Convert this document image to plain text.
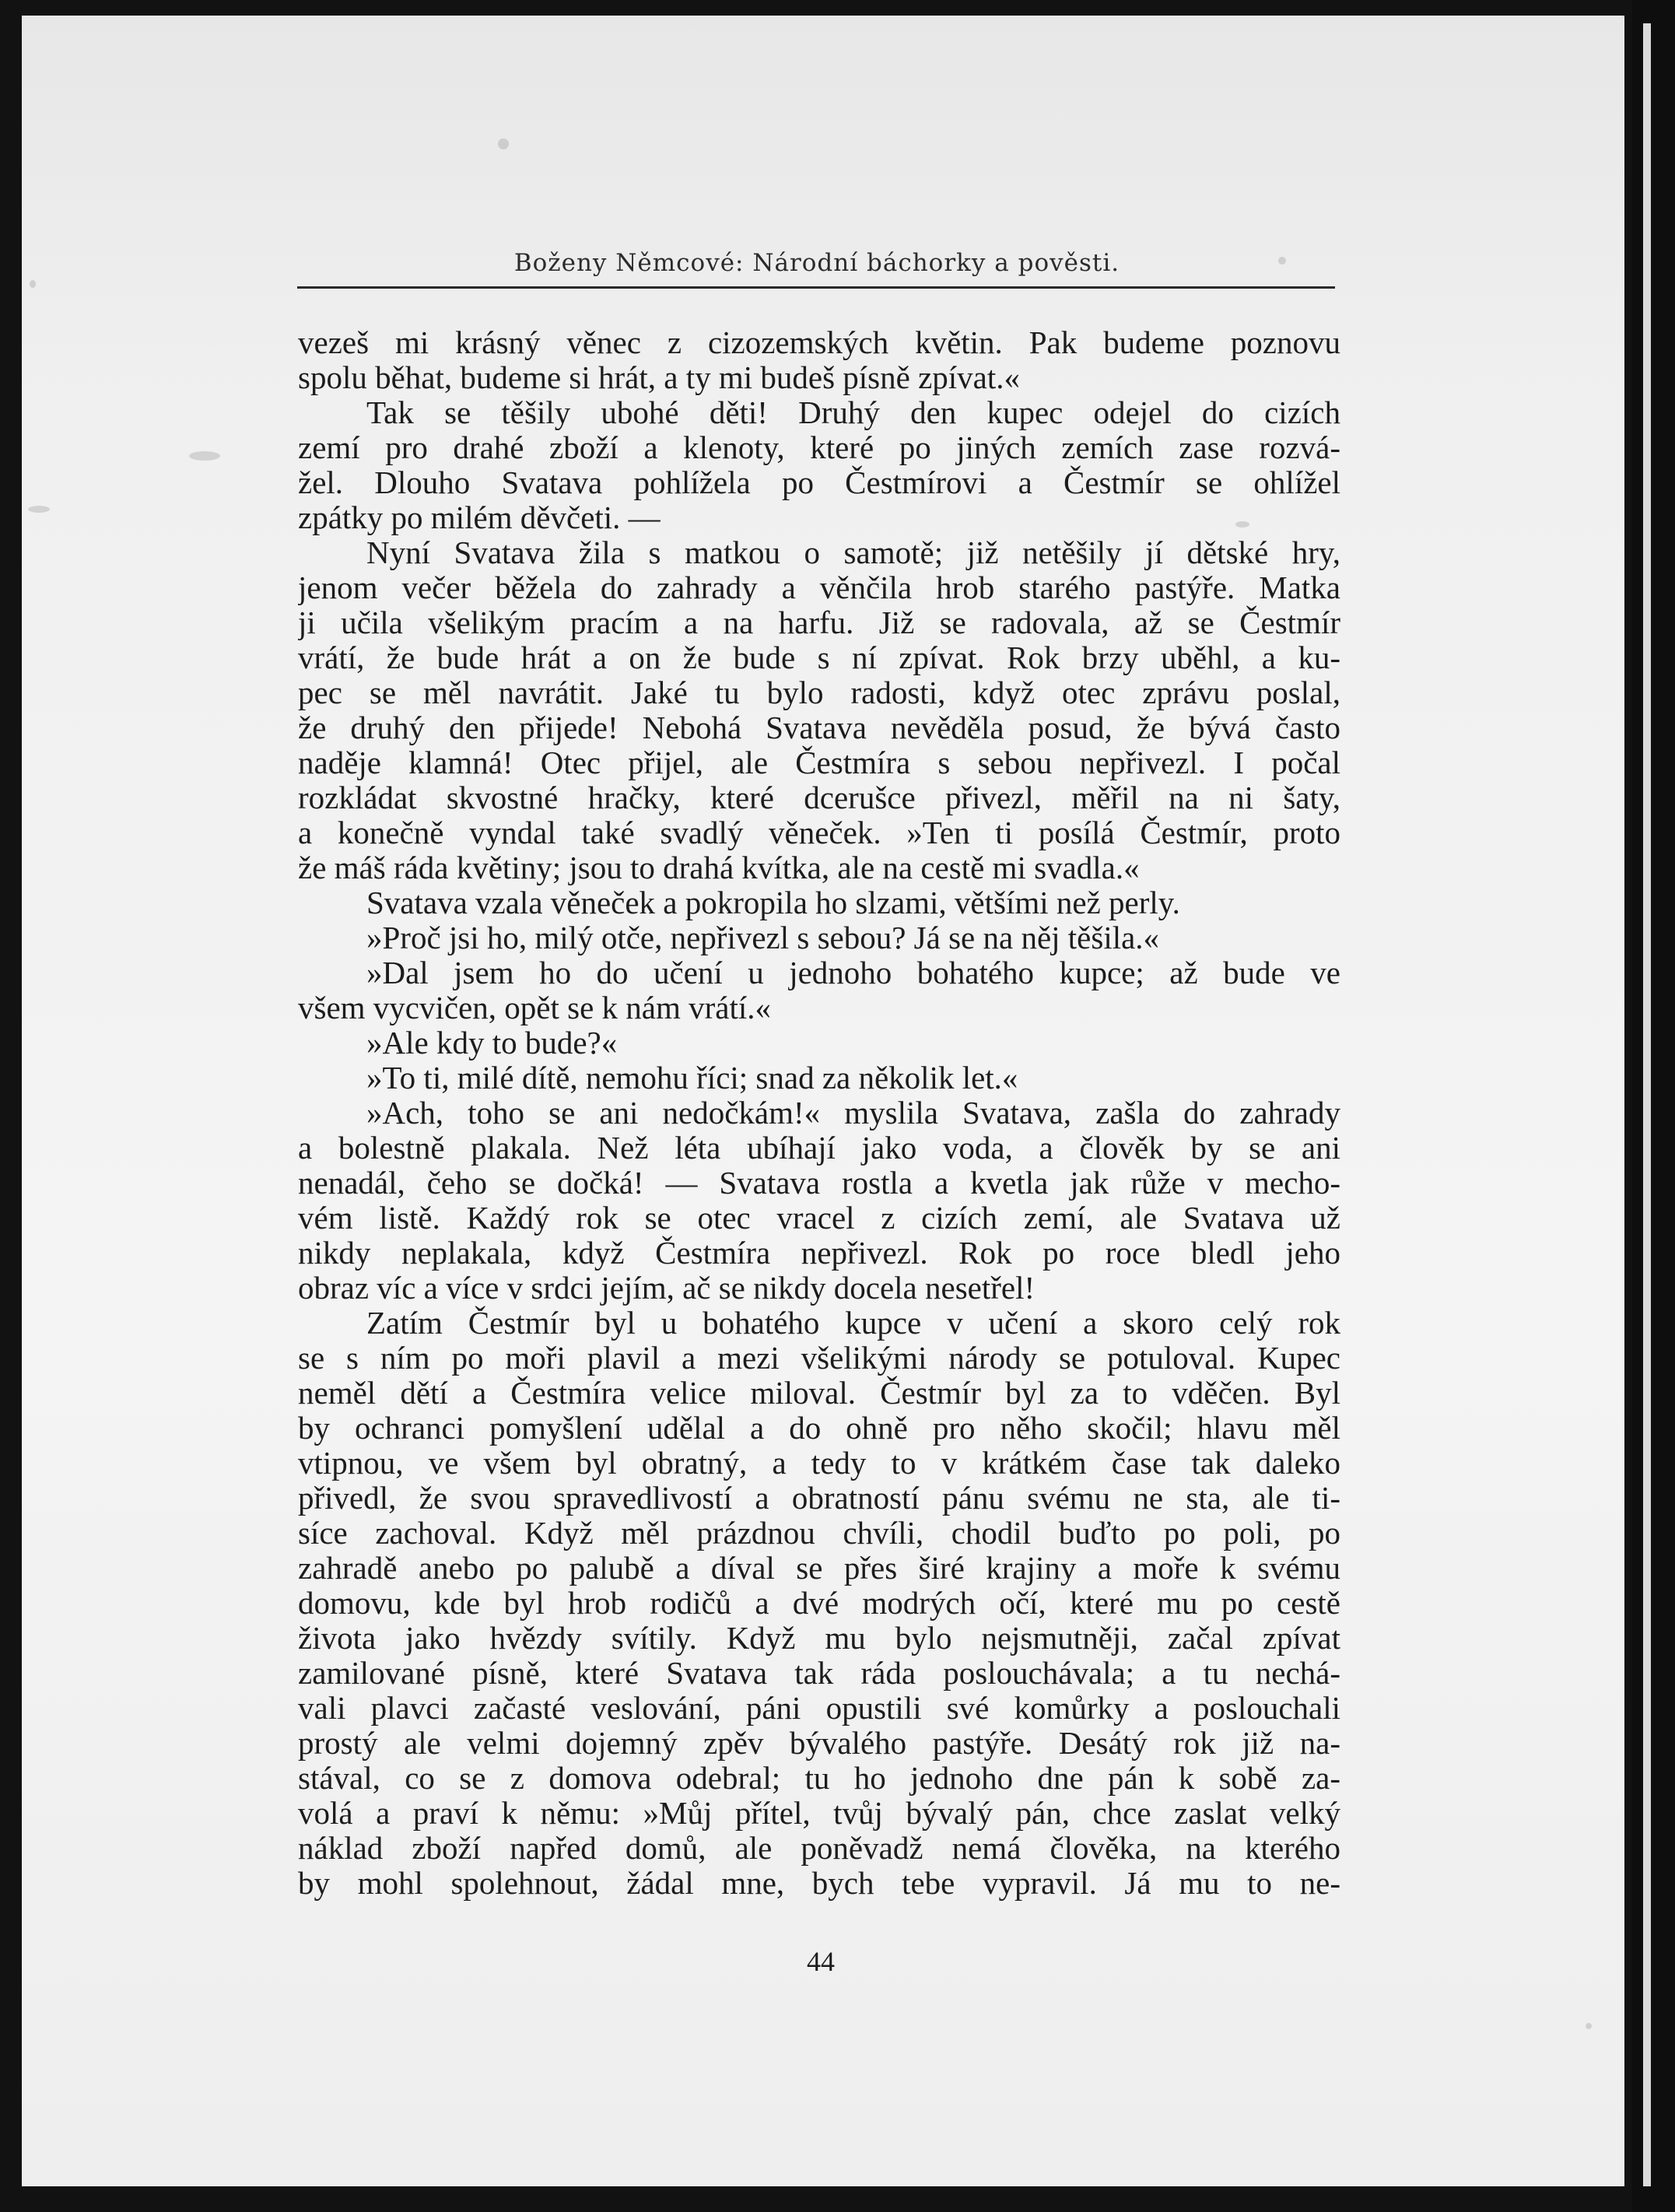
Boženy Němcové: Národní báchorky a pověsti.
vezeš mi krásný věnec z cizozemských květin. Pak budeme poznovu
spolu běhat, budeme si hrát, a ty mi budeš písně zpívat.«
Tak se těšily ubohé děti! Druhý den kupec odejel do cizích
zemí pro drahé zboží a klenoty, které po jiných zemích zase rozvá-
žel. Dlouho Svatava pohlížela po Čestmírovi a Čestmír se ohlížel
zpátky po milém děvčeti. —
Nyní Svatava žila s matkou o samotě; již netěšily jí dětské hry,
jenom večer běžela do zahrady a věnčila hrob starého pastýře. Matka
ji učila všelikým pracím a na harfu. Již se radovala, až se Čestmír
vrátí, že bude hrát a on že bude s ní zpívat. Rok brzy uběhl, a ku-
pec se měl navrátit. Jaké tu bylo radosti, když otec zprávu poslal,
že druhý den přijede! Nebohá Svatava nevěděla posud, že bývá často
naděje klamná! Otec přijel, ale Čestmíra s sebou nepřivezl. I počal
rozkládat skvostné hračky, které dcerušce přivezl, měřil na ni šaty,
a konečně vyndal také svadlý věneček. »Ten ti posílá Čestmír, proto
že máš ráda květiny; jsou to drahá kvítka, ale na cestě mi svadla.«
Svatava vzala věneček a pokropila ho slzami, většími než perly.
»Proč jsi ho, milý otče, nepřivezl s sebou? Já se na něj těšila.«
»Dal jsem ho do učení u jednoho bohatého kupce; až bude ve
všem vycvičen, opět se k nám vrátí.«
»Ale kdy to bude?«
»To ti, milé dítě, nemohu říci; snad za několik let.«
»Ach, toho se ani nedočkám!« myslila Svatava, zašla do zahrady
a bolestně plakala. Než léta ubíhají jako voda, a člověk by se ani
nenadál, čeho se dočká! — Svatava rostla a kvetla jak růže v mecho-
vém listě. Každý rok se otec vracel z cizích zemí, ale Svatava už
nikdy neplakala, když Čestmíra nepřivezl. Rok po roce bledl jeho
obraz víc a více v srdci jejím, ač se nikdy docela nesetřel!
Zatím Čestmír byl u bohatého kupce v učení a skoro celý rok
se s ním po moři plavil a mezi všelikými národy se potuloval. Kupec
neměl dětí a Čestmíra velice miloval. Čestmír byl za to vděčen. Byl
by ochranci pomyšlení udělal a do ohně pro něho skočil; hlavu měl
vtipnou, ve všem byl obratný, a tedy to v krátkém čase tak daleko
přivedl, že svou spravedlivostí a obratností pánu svému ne sta, ale ti-
síce zachoval. Když měl prázdnou chvíli, chodil buďto po poli, po
zahradě anebo po palubě a díval se přes širé krajiny a moře k svému
domovu, kde byl hrob rodičů a dvé modrých očí, které mu po cestě
života jako hvězdy svítily. Když mu bylo nejsmutněji, začal zpívat
zamilované písně, které Svatava tak ráda poslouchávala; a tu nechá-
vali plavci začasté veslování, páni opustili své komůrky a poslouchali
prostý ale velmi dojemný zpěv bývalého pastýře. Desátý rok již na-
stával, co se z domova odebral; tu ho jednoho dne pán k sobě za-
volá a praví k němu: »Můj přítel, tvůj bývalý pán, chce zaslat velký
náklad zboží napřed domů, ale poněvadž nemá člověka, na kterého
by mohl spolehnout, žádal mne, bych tebe vypravil. Já mu to ne-
44
